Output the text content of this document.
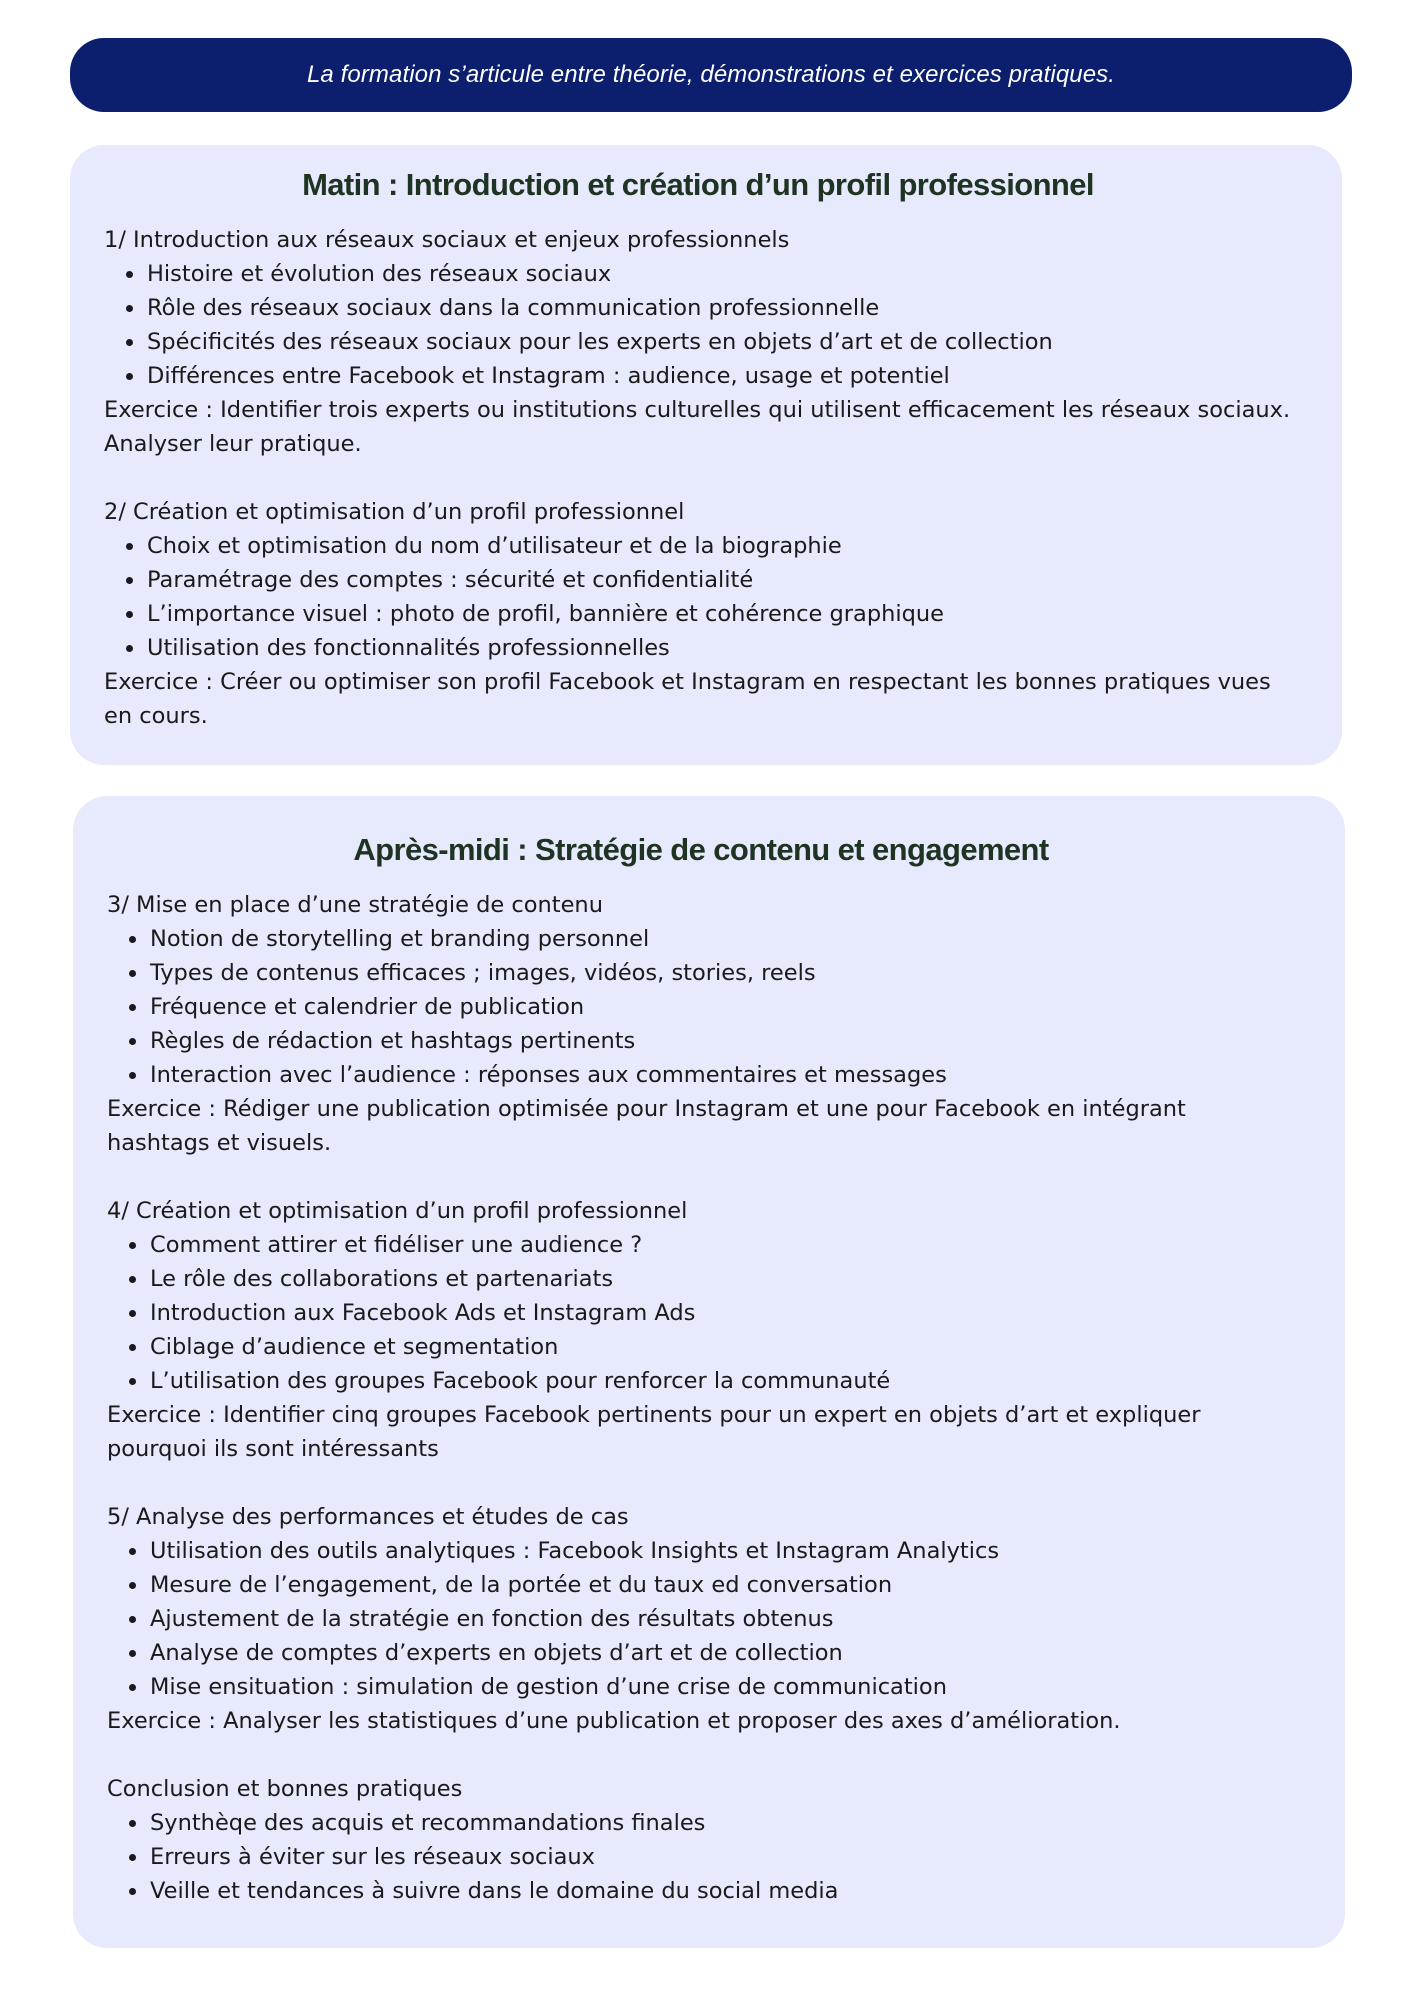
La formation s’articule entre théorie, démonstrations et exercices pratiques.
Matin : Introduction et création d’un profil professionnel

1/ Introduction aux réseaux sociaux et enjeux professionnels

Histoire et évolution des réseaux sociaux
Rôle des réseaux sociaux dans la communication professionnelle
Spécificités des réseaux sociaux pour les experts en objets d’art et de collection
Différences entre Facebook et Instagram : audience, usage et potentiel

Exercice : Identifier trois experts ou institutions culturelles qui utilisent efficacement les réseaux sociaux. Analyser leur pratique.

2/ Création et optimisation d’un profil professionnel

Choix et optimisation du nom d’utilisateur et de la biographie
Paramétrage des comptes : sécurité et confidentialité
L’importance visuel : photo de profil, bannière et cohérence graphique
Utilisation des fonctionnalités professionnelles

Exercice : Créer ou optimiser son profil Facebook et Instagram en respectant les bonnes pratiques vues en cours.

Après-midi : Stratégie de contenu et engagement

3/ Mise en place d’une stratégie de contenu

Notion de storytelling et branding personnel
Types de contenus efficaces ; images, vidéos, stories, reels
Fréquence et calendrier de publication
Règles de rédaction et hashtags pertinents
Interaction avec l’audience : réponses aux commentaires et messages

Exercice : Rédiger une publication optimisée pour Instagram et une pour Facebook en intégrant hashtags et visuels.

4/ Création et optimisation d’un profil professionnel

Comment attirer et fidéliser une audience ?
Le rôle des collaborations et partenariats
Introduction aux Facebook Ads et Instagram Ads
Ciblage d’audience et segmentation
L’utilisation des groupes Facebook pour renforcer la communauté

Exercice : Identifier cinq groupes Facebook pertinents pour un expert en objets d’art et expliquer pourquoi ils sont intéressants

5/ Analyse des performances et études de cas

Utilisation des outils analytiques : Facebook Insights et Instagram Analytics
Mesure de l’engagement, de la portée et du taux ed conversation
Ajustement de la stratégie en fonction des résultats obtenus
Analyse de comptes d’experts en objets d’art et de collection
Mise ensituation : simulation de gestion d’une crise de communication

Exercice : Analyser les statistiques d’une publication et proposer des axes d’amélioration.

Conclusion et bonnes pratiques

Synthèqe des acquis et recommandations finales
Erreurs à éviter sur les réseaux sociaux
Veille et tendances à suivre dans le domaine du social media
